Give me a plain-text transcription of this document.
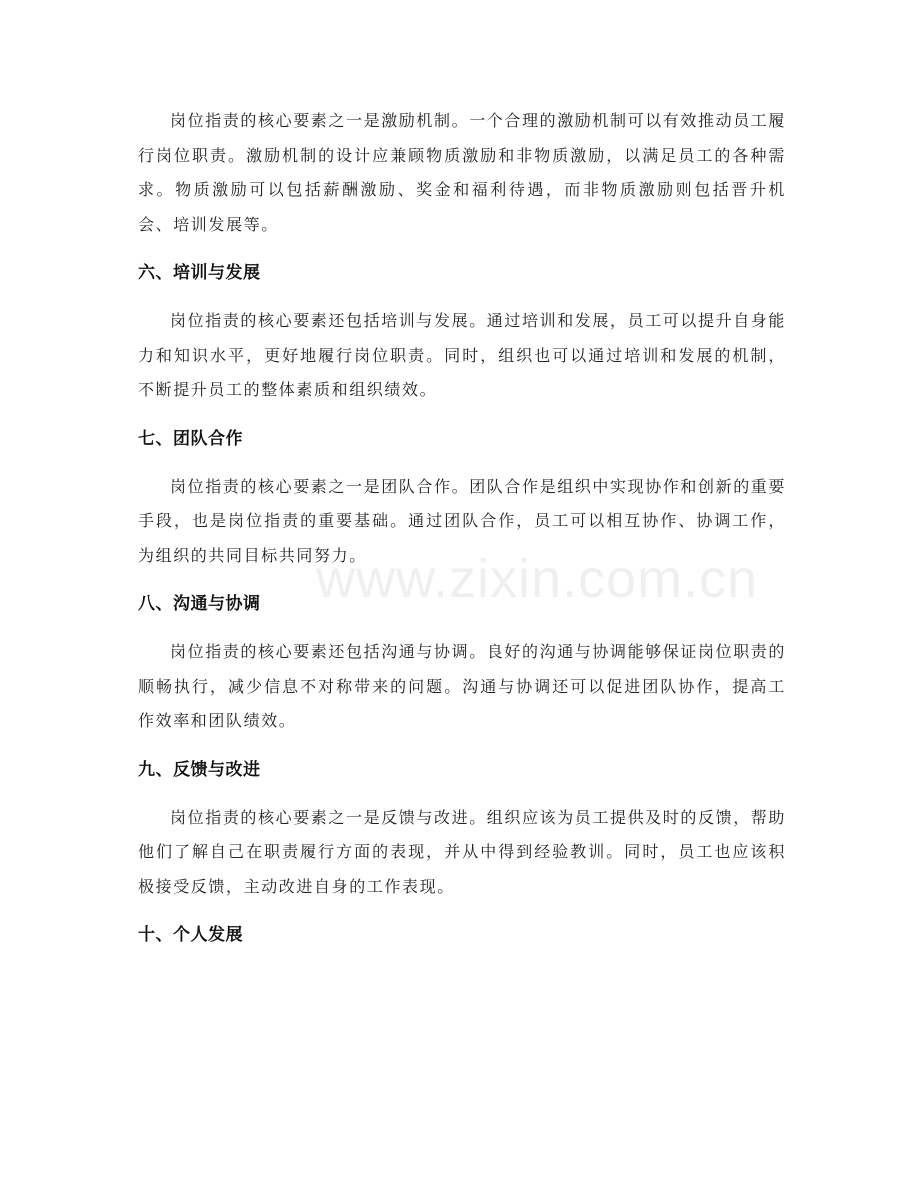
岗位指责的核心要素之一是激励机制。一个合理的激励机制可以有效推动员工履行岗位职责。激励机制的设计应兼顾物质激励和非物质激励，以满足员工的各种需求。物质激励可以包括薪酬激励、奖金和福利待遇，而非物质激励则包括晋升机会、培训发展等。

六、培训与发展

岗位指责的核心要素还包括培训与发展。通过培训和发展，员工可以提升自身能力和知识水平，更好地履行岗位职责。同时，组织也可以通过培训和发展的机制，不断提升员工的整体素质和组织绩效。

七、团队合作

岗位指责的核心要素之一是团队合作。团队合作是组织中实现协作和创新的重要手段，也是岗位指责的重要基础。通过团队合作，员工可以相互协作、协调工作，为组织的共同目标共同努力。

八、沟通与协调

岗位指责的核心要素还包括沟通与协调。良好的沟通与协调能够保证岗位职责的顺畅执行，减少信息不对称带来的问题。沟通与协调还可以促进团队协作，提高工作效率和团队绩效。

九、反馈与改进

岗位指责的核心要素之一是反馈与改进。组织应该为员工提供及时的反馈，帮助他们了解自己在职责履行方面的表现，并从中得到经验教训。同时，员工也应该积极接受反馈，主动改进自身的工作表现。

十、个人发展
www.zixin.com.cn
